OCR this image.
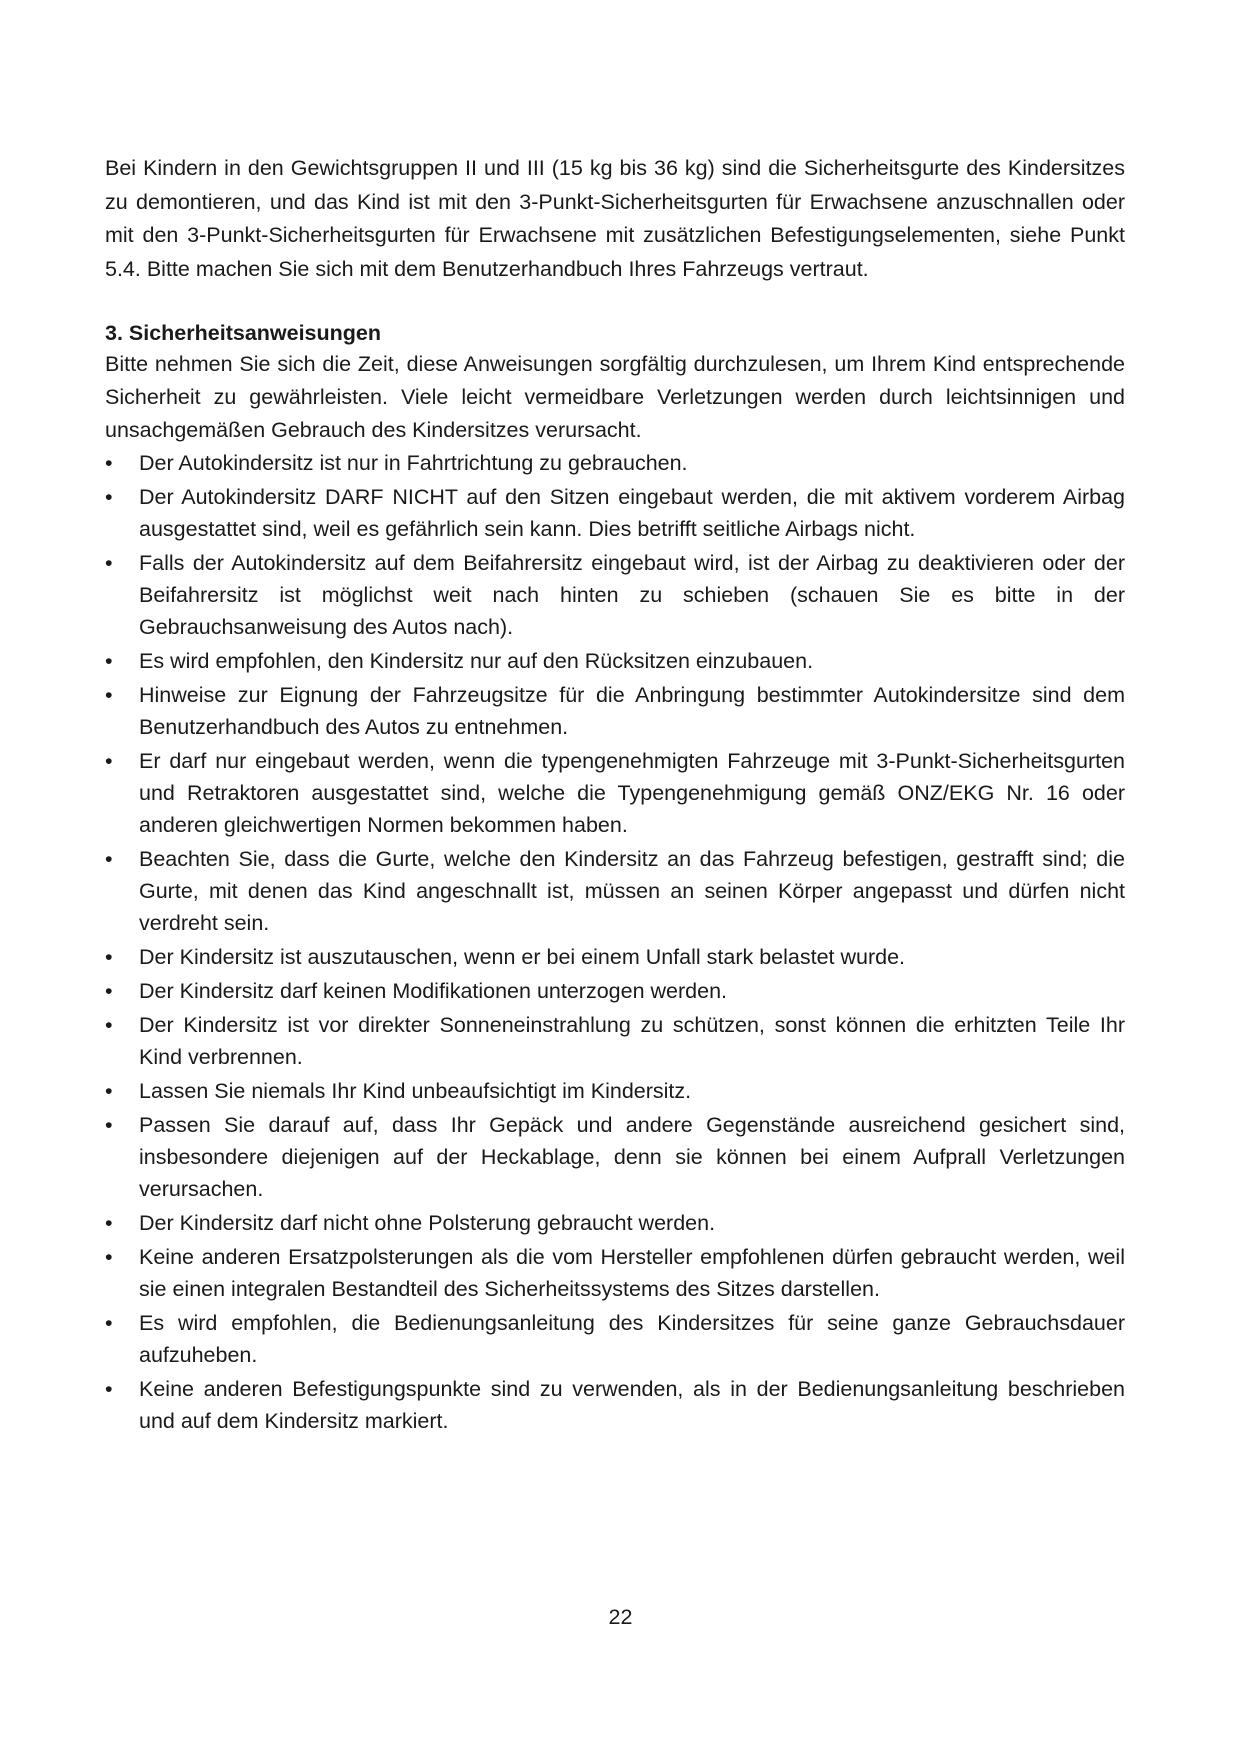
Bei Kindern in den Gewichtsgruppen II und III (15 kg bis 36 kg) sind die Sicherheitsgurte des Kindersitzes zu demontieren, und das Kind ist mit den 3-Punkt-Sicherheitsgurten für Erwachsene anzuschnallen oder mit den 3-Punkt-Sicherheitsgurten für Erwachsene mit zusätzlichen Befestigungselementen, siehe Punkt 5.4. Bitte machen Sie sich mit dem Benutzerhandbuch Ihres Fahrzeugs vertraut.

3. Sicherheitsanweisungen

Bitte nehmen Sie sich die Zeit, diese Anweisungen sorgfältig durchzulesen, um Ihrem Kind entsprechende Sicherheit zu gewährleisten. Viele leicht vermeidbare Verletzungen werden durch leichtsinnigen und unsachgemäßen Gebrauch des Kindersitzes verursacht.

•	Der Autokindersitz ist nur in Fahrtrichtung zu gebrauchen.
•	Der Autokindersitz DARF NICHT auf den Sitzen eingebaut werden, die mit aktivem vorderem Airbag ausgestattet sind, weil es gefährlich sein kann. Dies betrifft seitliche Airbags nicht.
•	Falls der Autokindersitz auf dem Beifahrersitz eingebaut wird, ist der Airbag zu deaktivieren oder der Beifahrersitz ist möglichst weit nach hinten zu schieben (schauen Sie es bitte in der Gebrauchsanweisung des Autos nach).
•	Es wird empfohlen, den Kindersitz nur auf den Rücksitzen einzubauen.
•	Hinweise zur Eignung der Fahrzeugsitze für die Anbringung bestimmter Autokindersitze sind dem Benutzerhandbuch des Autos zu entnehmen.
•	Er darf nur eingebaut werden, wenn die typengenehmigten Fahrzeuge mit 3-Punkt-Sicherheitsgurten und Retraktoren ausgestattet sind, welche die Typengenehmigung gemäß ONZ/EKG Nr. 16 oder anderen gleichwertigen Normen bekommen haben.
•	Beachten Sie, dass die Gurte, welche den Kindersitz an das Fahrzeug befestigen, gestrafft sind; die Gurte, mit denen das Kind angeschnallt ist, müssen an seinen Körper angepasst und dürfen nicht verdreht sein.
•	Der Kindersitz ist auszutauschen, wenn er bei einem Unfall stark belastet wurde.
•	Der Kindersitz darf keinen Modifikationen unterzogen werden.
•	Der Kindersitz ist vor direkter Sonneneinstrahlung zu schützen, sonst können die erhitzten Teile Ihr Kind verbrennen.
•	Lassen Sie niemals Ihr Kind unbeaufsichtigt im Kindersitz.
•	Passen Sie darauf auf, dass Ihr Gepäck und andere Gegenstände ausreichend gesichert sind, insbesondere diejenigen auf der Heckablage, denn sie können bei einem Aufprall Verletzungen verursachen.
•	Der Kindersitz darf nicht ohne Polsterung gebraucht werden.
•	Keine anderen Ersatzpolsterungen als die vom Hersteller empfohlenen dürfen gebraucht werden, weil sie einen integralen Bestandteil des Sicherheitssystems des Sitzes darstellen.
•	Es wird empfohlen, die Bedienungsanleitung des Kindersitzes für seine ganze Gebrauchsdauer aufzuheben.
•	Keine anderen Befestigungspunkte sind zu verwenden, als in der Bedienungsanleitung beschrieben und auf dem Kindersitz markiert.
22
